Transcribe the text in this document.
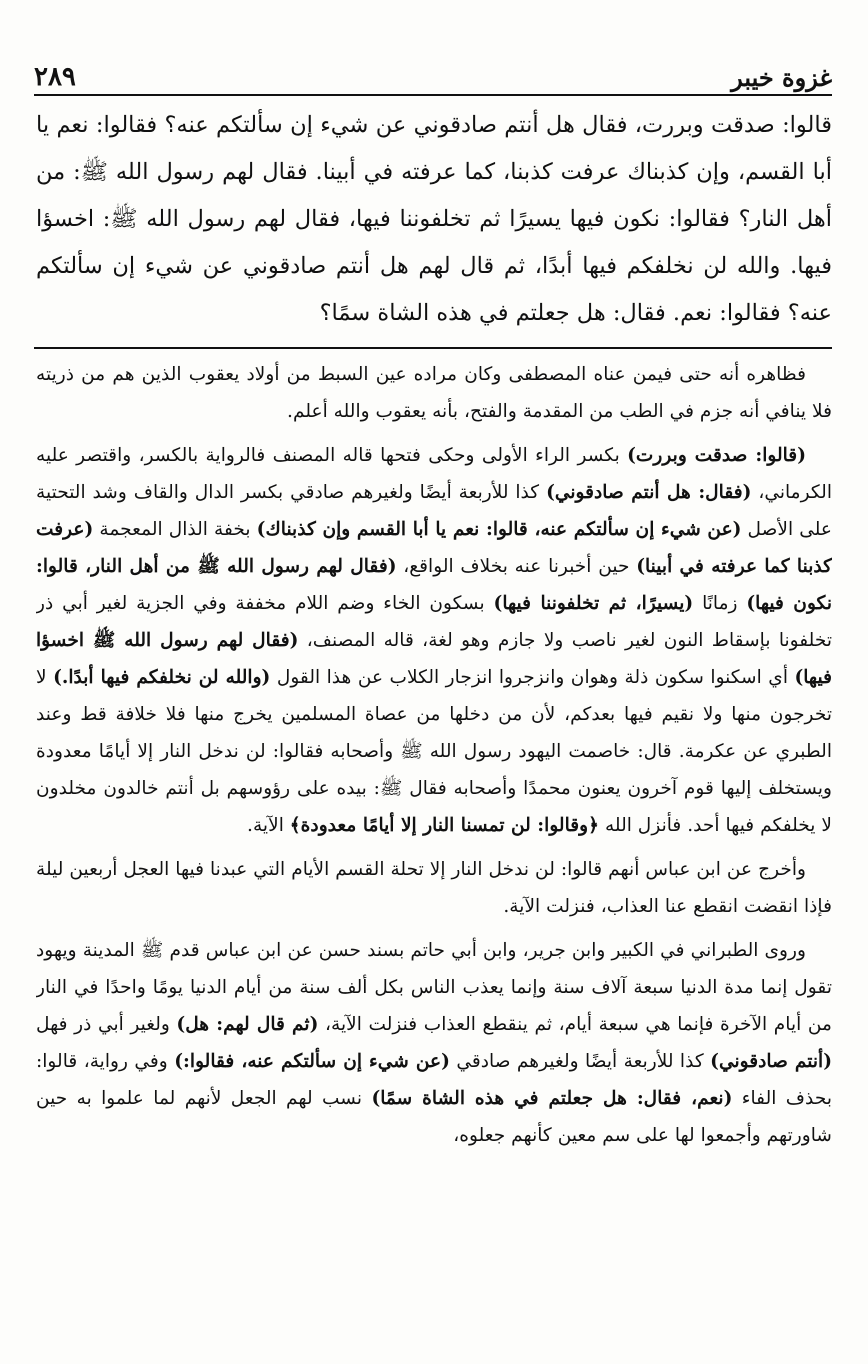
غزوة خيبر
٢٨٩

قالوا: صدقت وبررت، فقال هل أنتم صادقوني عن شيء إن سألتكم عنه؟ فقالوا: نعم يا أبا القسم، وإن كذبناك عرفت كذبنا، كما عرفته في أبينا. فقال لهم رسول الله ﷺ: من أهل النار؟ فقالوا: نكون فيها يسيرًا ثم تخلفوننا فيها، فقال لهم رسول الله ﷺ: اخسؤا فيها. والله لن نخلفكم فيها أبدًا، ثم قال لهم هل أنتم صادقوني عن شيء إن سألتكم عنه؟ فقالوا: نعم. فقال: هل جعلتم في هذه الشاة سمًا؟

فظاهره أنه حتى فيمن عناه المصطفى وكان مراده عين السبط من أولاد يعقوب الذين هم من ذريته فلا ينافي أنه جزم في الطب من المقدمة والفتح، بأنه يعقوب والله أعلم.

(قالوا: صدقت وبررت) بكسر الراء الأولى وحكى فتحها قاله المصنف فالرواية بالكسر، واقتصر عليه الكرماني، (فقال: هل أنتم صادقوني) كذا للأربعة أيضًا ولغيرهم صادقي بكسر الدال والقاف وشد التحتية على الأصل (عن شيء إن سألتكم عنه، قالوا: نعم يا أبا القسم وإن كذبناك) بخفة الذال المعجمة (عرفت كذبنا كما عرفته في أبينا) حين أخبرنا عنه بخلاف الواقع، (فقال لهم رسول الله ﷺ من أهل النار، قالوا: نكون فيها) زمانًا (يسيرًا، ثم تخلفوننا فيها) بسكون الخاء وضم اللام مخففة وفي الجزية لغير أبي ذر تخلفونا بإسقاط النون لغير ناصب ولا جازم وهو لغة، قاله المصنف، (فقال لهم رسول الله ﷺ اخسؤا فيها) أي اسكنوا سكون ذلة وهوان وانزجروا انزجار الكلاب عن هذا القول (والله لن نخلفكم فيها أبدًا.) لا تخرجون منها ولا نقيم فيها بعدكم، لأن من دخلها من عصاة المسلمين يخرج منها فلا خلافة قط وعند الطبري عن عكرمة. قال: خاصمت اليهود رسول الله ﷺ وأصحابه فقالوا: لن ندخل النار إلا أيامًا معدودة ويستخلف إليها قوم آخرون يعنون محمدًا وأصحابه فقال ﷺ: بيده على رؤوسهم بل أنتم خالدون مخلدون لا يخلفكم فيها أحد. فأنزل الله ﴿وقالوا: لن تمسنا النار إلا أيامًا معدودة﴾ الآية.

وأخرج عن ابن عباس أنهم قالوا: لن ندخل النار إلا تحلة القسم الأيام التي عبدنا فيها العجل أربعين ليلة فإذا انقضت انقطع عنا العذاب، فنزلت الآية.

وروى الطبراني في الكبير وابن جرير، وابن أبي حاتم بسند حسن عن ابن عباس قدم ﷺ المدينة ويهود تقول إنما مدة الدنيا سبعة آلاف سنة وإنما يعذب الناس بكل ألف سنة من أيام الدنيا يومًا واحدًا في النار من أيام الآخرة فإنما هي سبعة أيام، ثم ينقطع العذاب فنزلت الآية، (ثم قال لهم: هل) ولغير أبي ذر فهل (أنتم صادقوني) كذا للأربعة أيضًا ولغيرهم صادقي (عن شيء إن سألتكم عنه، فقالوا:) وفي رواية، قالوا: بحذف الفاء (نعم، فقال: هل جعلتم في هذه الشاة سمًا) نسب لهم الجعل لأنهم لما علموا به حين شاورتهم وأجمعوا لها على سم معين كأنهم جعلوه،
